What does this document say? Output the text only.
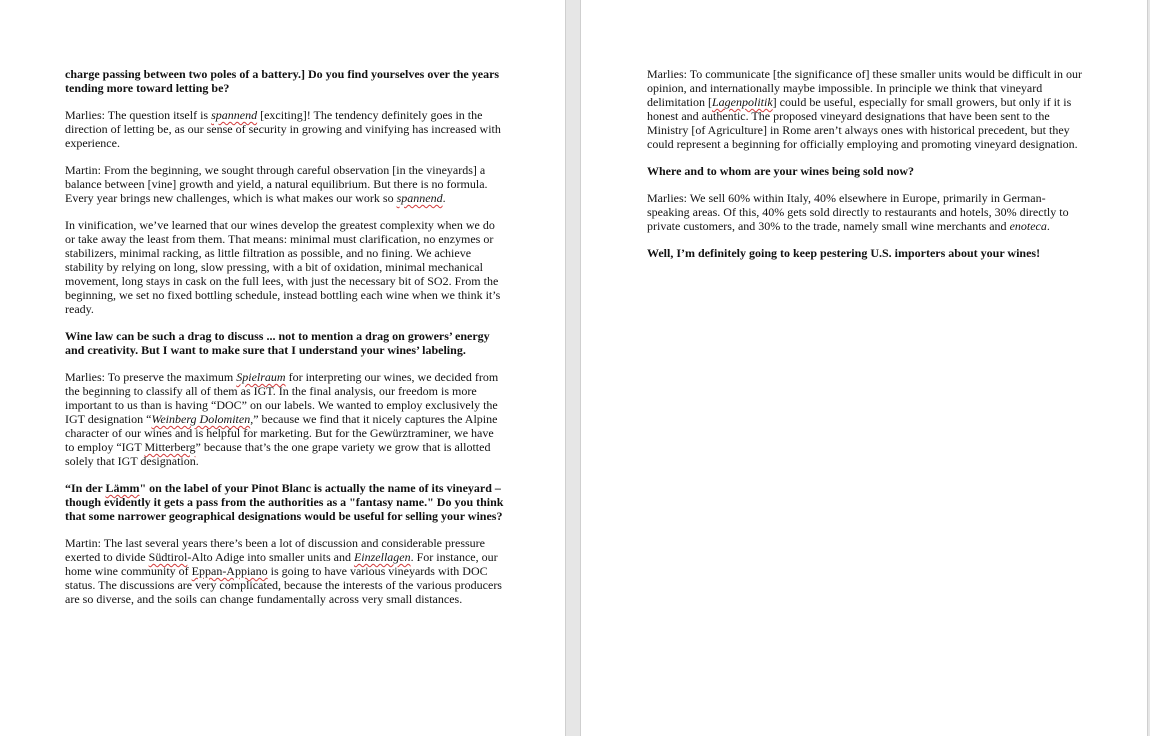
charge passing between two poles of a battery.] Do you find yourselves over the years tending more toward letting be?

Marlies: The question itself is spannend [exciting]! The tendency definitely goes in the direction of letting be, as our sense of security in growing and vinifying has increased with experience.

Martin: From the beginning, we sought through careful observation [in the vineyards] a balance between [vine] growth and yield, a natural equilibrium. But there is no formula. Every year brings new challenges, which is what makes our work so spannend.

In vinification, we’ve learned that our wines develop the greatest complexity when we do or take away the least from them. That means: minimal must clarification, no enzymes or stabilizers, minimal racking, as little filtration as possible, and no fining. We achieve stability by relying on long, slow pressing, with a bit of oxidation, minimal mechanical movement, long stays in cask on the full lees, with just the necessary bit of SO2. From the beginning, we set no fixed bottling schedule, instead bottling each wine when we think it’s ready.

Wine law can be such a drag to discuss ... not to mention a drag on growers’ energy and creativity. But I want to make sure that I understand your wines’ labeling.

Marlies: To preserve the maximum Spielraum for interpreting our wines, we decided from the beginning to classify all of them as IGT. In the final analysis, our freedom is more important to us than is having “DOC” on our labels. We wanted to employ exclusively the IGT designation “Weinberg Dolomiten,” because we find that it nicely captures the Alpine character of our wines and is helpful for marketing. But for the Gewürztraminer, we have to employ “IGT Mitterberg” because that’s the one grape variety we grow that is allotted solely that IGT designation.

“In der Lämm" on the label of your Pinot Blanc is actually the name of its vineyard – though evidently it gets a pass from the authorities as a "fantasy name." Do you think that some narrower geographical designations would be useful for selling your wines?

Martin: The last several years there’s been a lot of discussion and considerable pressure exerted to divide Südtirol-Alto Adige into smaller units and Einzellagen. For instance, our home wine community of Eppan-Appiano is going to have various vineyards with DOC status. The discussions are very complicated, because the interests of the various producers are so diverse, and the soils can change fundamentally across very small distances.

Marlies: To communicate [the significance of] these smaller units would be difficult in our opinion, and internationally maybe impossible. In principle we think that vineyard delimitation [Lagenpolitik] could be useful, especially for small growers, but only if it is honest and authentic. The proposed vineyard designations that have been sent to the Ministry [of Agriculture] in Rome aren’t always ones with historical precedent, but they could represent a beginning for officially employing and promoting vineyard designation.

Where and to whom are your wines being sold now?

Marlies: We sell 60% within Italy, 40% elsewhere in Europe, primarily in German-speaking areas. Of this, 40% gets sold directly to restaurants and hotels, 30% directly to private customers, and 30% to the trade, namely small wine merchants and enoteca.

Well, I’m definitely going to keep pestering U.S. importers about your wines!
